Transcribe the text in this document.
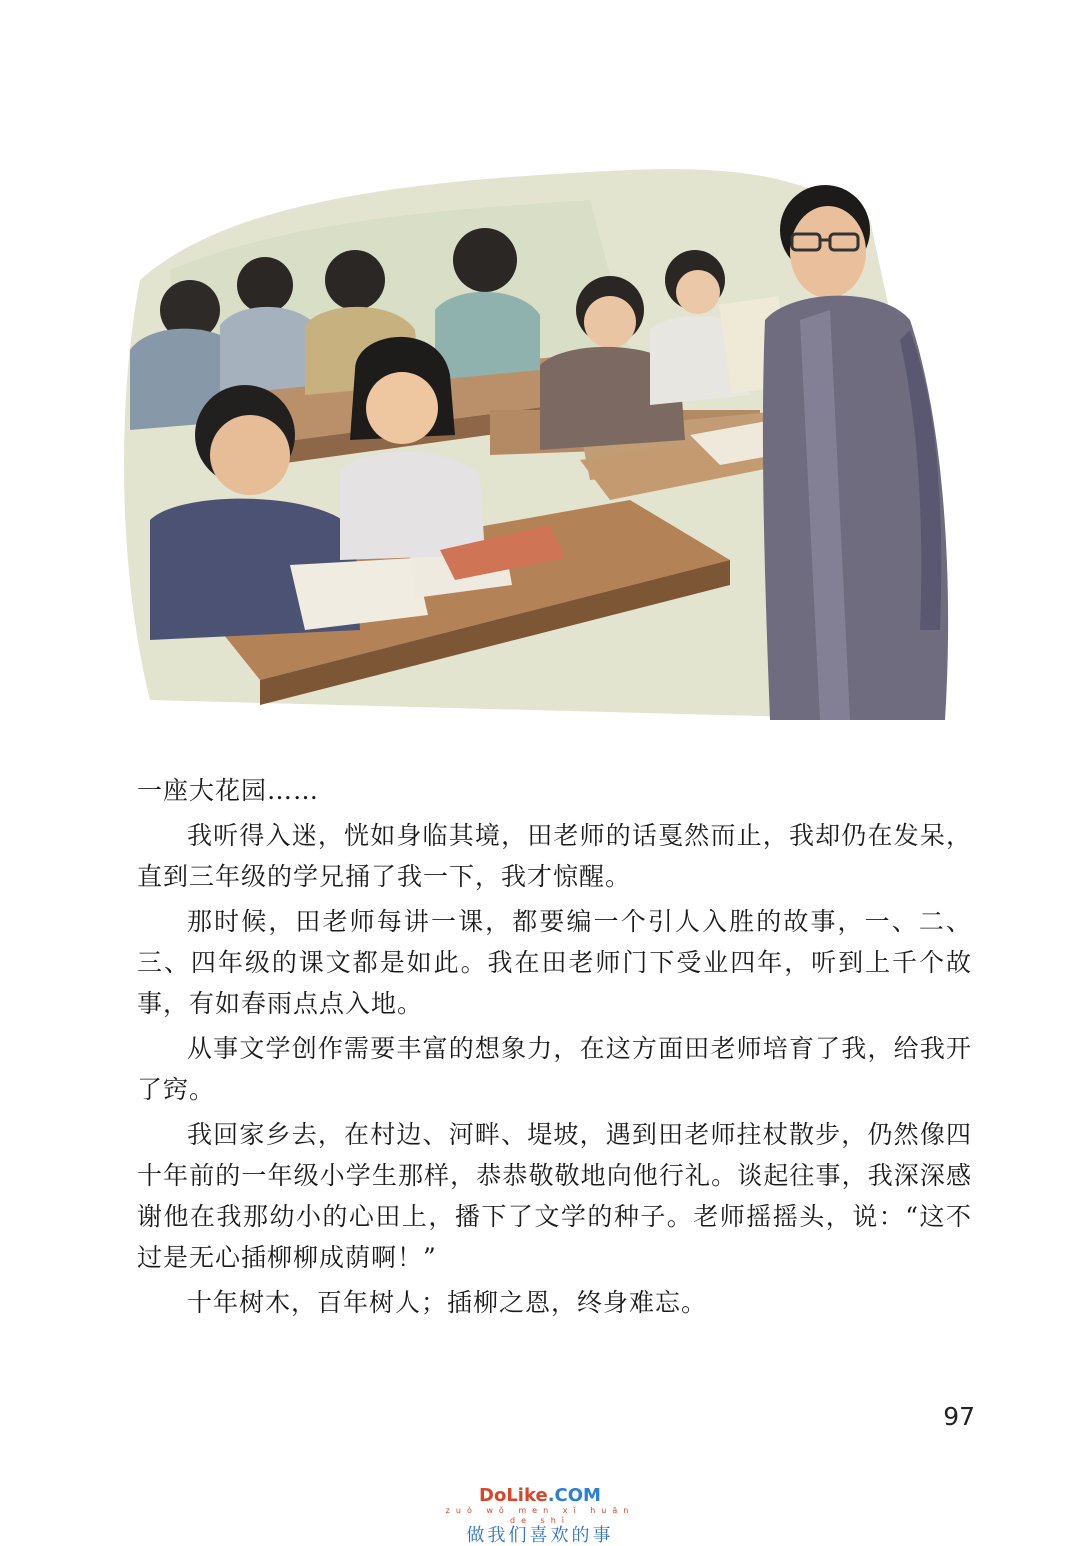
一座大花园……

我听得入迷，恍如身临其境，田老师的话戛然而止，我却仍在发呆，直到三年级的学兄捅了我一下，我才惊醒。

那时候，田老师每讲一课，都要编一个引人入胜的故事，一、二、三、四年级的课文都是如此。我在田老师门下受业四年，听到上千个故事，有如春雨点点入地。

从事文学创作需要丰富的想象力，在这方面田老师培育了我，给我开了窍。

我回家乡去，在村边、河畔、堤坡，遇到田老师拄杖散步，仍然像四十年前的一年级小学生那样，恭恭敬敬地向他行礼。谈起往事，我深深感谢他在我那幼小的心田上，播下了文学的种子。老师摇摇头，说：“这不过是无心插柳柳成荫啊！”

十年树木，百年树人；插柳之恩，终身难忘。

97
DoLike.COM
zuò wǒ men xǐ huān de shì
做我们喜欢的事
